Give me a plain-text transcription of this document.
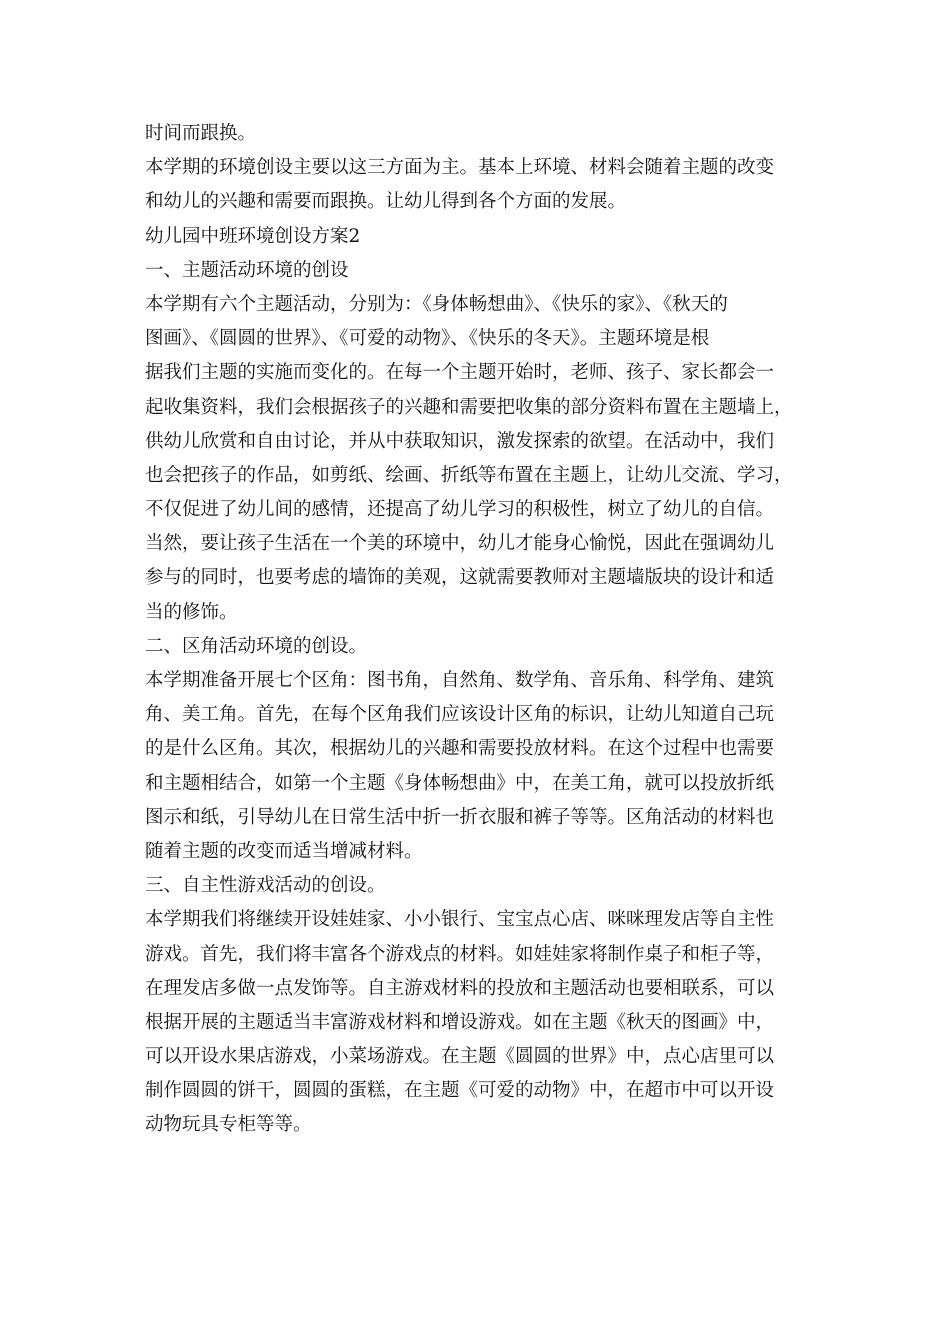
时间而跟换。
本学期的环境创设主要以这三方面为主。基本上环境、材料会随着主题的改变
和幼儿的兴趣和需要而跟换。让幼儿得到各个方面的发展。
幼儿园中班环境创设方案2
一、主题活动环境的创设
本学期有六个主题活动，分别为：《身体畅想曲》、《快乐的家》、《秋天的
图画》、《圆圆的世界》、《可爱的动物》、《快乐的冬天》。主题环境是根
据我们主题的实施而变化的。在每一个主题开始时，老师、孩子、家长都会一
起收集资料，我们会根据孩子的兴趣和需要把收集的部分资料布置在主题墙上，
供幼儿欣赏和自由讨论，并从中获取知识，激发探索的欲望。在活动中，我们
也会把孩子的作品，如剪纸、绘画、折纸等布置在主题上，让幼儿交流、学习，
不仅促进了幼儿间的感情，还提高了幼儿学习的积极性，树立了幼儿的自信。
当然，要让孩子生活在一个美的环境中，幼儿才能身心愉悦，因此在强调幼儿
参与的同时，也要考虑的墙饰的美观，这就需要教师对主题墙版块的设计和适
当的修饰。
二、区角活动环境的创设。
本学期准备开展七个区角：图书角，自然角、数学角、音乐角、科学角、建筑
角、美工角。首先，在每个区角我们应该设计区角的标识，让幼儿知道自己玩
的是什么区角。其次，根据幼儿的兴趣和需要投放材料。在这个过程中也需要
和主题相结合，如第一个主题《身体畅想曲》中，在美工角，就可以投放折纸
图示和纸，引导幼儿在日常生活中折一折衣服和裤子等等。区角活动的材料也
随着主题的改变而适当增减材料。
三、自主性游戏活动的创设。
本学期我们将继续开设娃娃家、小小银行、宝宝点心店、咪咪理发店等自主性
游戏。首先，我们将丰富各个游戏点的材料。如娃娃家将制作桌子和柜子等，
在理发店多做一点发饰等。自主游戏材料的投放和主题活动也要相联系，可以
根据开展的主题适当丰富游戏材料和增设游戏。如在主题《秋天的图画》中，
可以开设水果店游戏，小菜场游戏。在主题《圆圆的世界》中，点心店里可以
制作圆圆的饼干，圆圆的蛋糕，在主题《可爱的动物》中，在超市中可以开设
动物玩具专柜等等。
